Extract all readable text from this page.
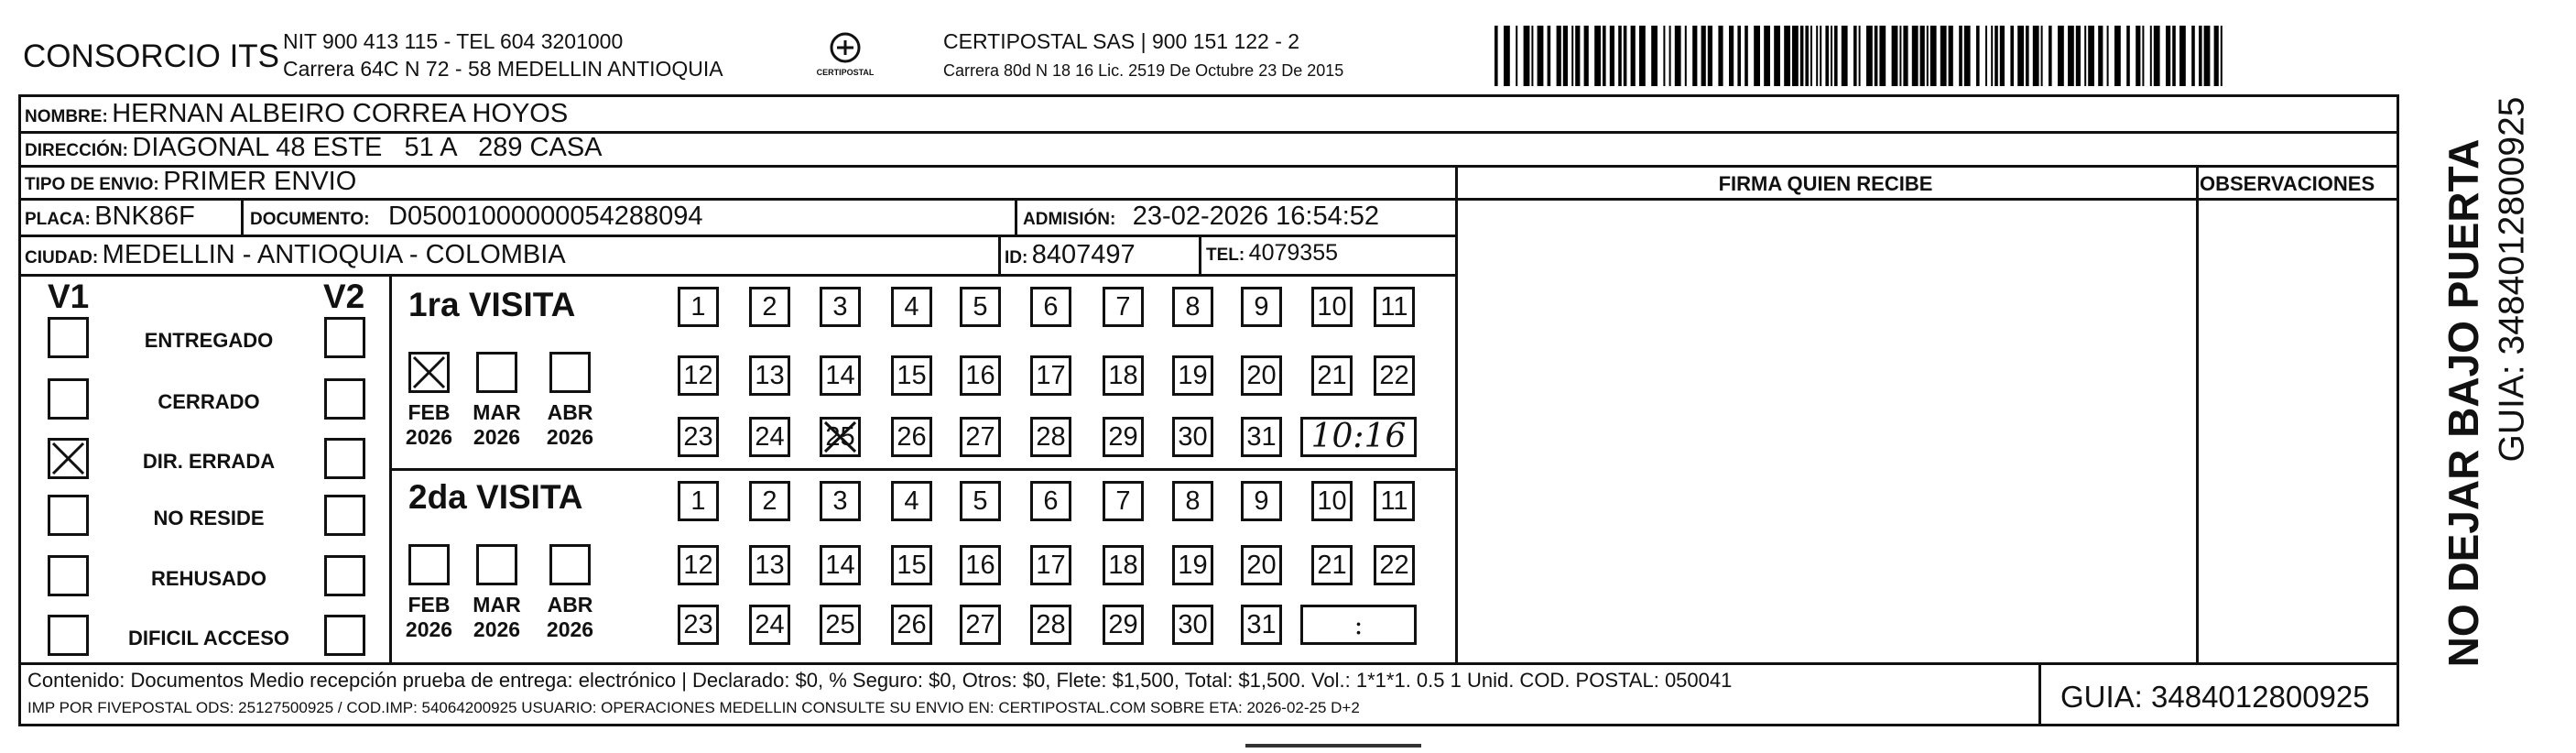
CONSORCIO ITS NIT 900 413 115 - TEL 604 3201000
Carrera 64C N 72 - 58 MEDELLIN ANTIOQUIA	CERTIPOSTAL
CERTIPOSTAL SAS | 900 151 122 - 2
Carrera 80d N 18 16 Lic. 2519 De Octubre 23 De 2015
NOMBRE: HERNAN ALBEIRO CORREA HOYOS
DIRECCIÓN: DIAGONAL 48 ESTE   51 A   289 CASA
TIPO DE ENVIO: PRIMER ENVIO
PLACA: BNK86F	DOCUMENTO: D05001000000054288094	ADMISIÓN: 23-02-2026 16:54:52
CIUDAD: MEDELLIN - ANTIOQUIA - COLOMBIA	ID: 8407497	TEL: 4079355
FIRMA QUIEN RECIBE	OBSERVACIONES
V1	V2
ENTREGADO
CERRADO
DIR. ERRADA
NO RESIDE
REHUSADO
DIFICIL ACCESO
1ra VISITA
2da VISITA
1	2	3	4	5	6	7	8	9	10 11
12 13 14 15 16 17 18 19 20 21 22
23 24 25 26 27 28 29 30 31	10:16
1	2	3	4	5	6	7	8	9	10 11
12 13 14 15 16 17 18 19 20 21 22
23 24 25 26 27 28 29 30 31	:
FEB
2026
MAR
2026
ABR
2026
FEB
2026
MAR
2026
ABR
2026
Contenido: Documentos Medio recepción prueba de entrega: electrónico | Declarado: $0, % Seguro: $0, Otros: $0, Flete: $1,500, Total: $1,500. Vol.: 1*1*1. 0.5 1 Unid. COD. POSTAL: 050041
IMP POR FIVEPOSTAL ODS: 25127500925 / COD.IMP: 54064200925 USUARIO: OPERACIONES MEDELLIN CONSULTE SU ENVIO EN: CERTIPOSTAL.COM SOBRE ETA: 2026-02-25 D+2	GUIA: 3484012800925
NO DEJAR BAJO PUERTA GUIA: 3484012800925
